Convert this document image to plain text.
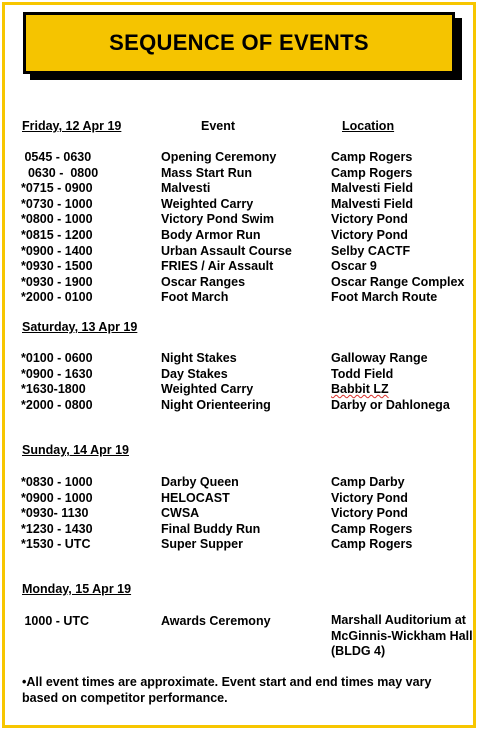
SEQUENCE OF EVENTS
Friday, 12 Apr 19	Event	Location
0545 - 0630	Opening Ceremony	Camp Rogers
0630 -  0800	Mass Start Run	Camp Rogers
*0715 - 0900	Malvesti	Malvesti Field
*0730 - 1000	Weighted Carry	Malvesti Field
*0800 - 1000	Victory Pond Swim	Victory Pond
*0815 - 1200	Body Armor Run	Victory Pond
*0900 - 1400	Urban Assault Course	Selby CACTF
*0930 - 1500	FRIES / Air Assault	Oscar 9
*0930 - 1900	Oscar Ranges	Oscar Range Complex
*2000 - 0100	Foot March	Foot March Route
Saturday, 13 Apr 19
*0100 - 0600	Night Stakes	Galloway Range
*0900 - 1630	Day Stakes	Todd Field
*1630-1800	Weighted Carry	Babbit LZ
*2000 - 0800	Night Orienteering	Darby or Dahlonega
Sunday, 14 Apr 19
*0830 - 1000	Darby Queen	Camp Darby
*0900 - 1000	HELOCAST	Victory Pond
*0930- 1130	CWSA	Victory Pond
*1230 - 1430	Final Buddy Run	Camp Rogers
*1530 - UTC	Super Supper	Camp Rogers
Monday, 15 Apr 19
1000 - UTC	Awards Ceremony	Marshall Auditorium at McGinnis-Wickham Hall (BLDG 4)
•All event times are approximate. Event start and end times may vary based on competitor performance.
